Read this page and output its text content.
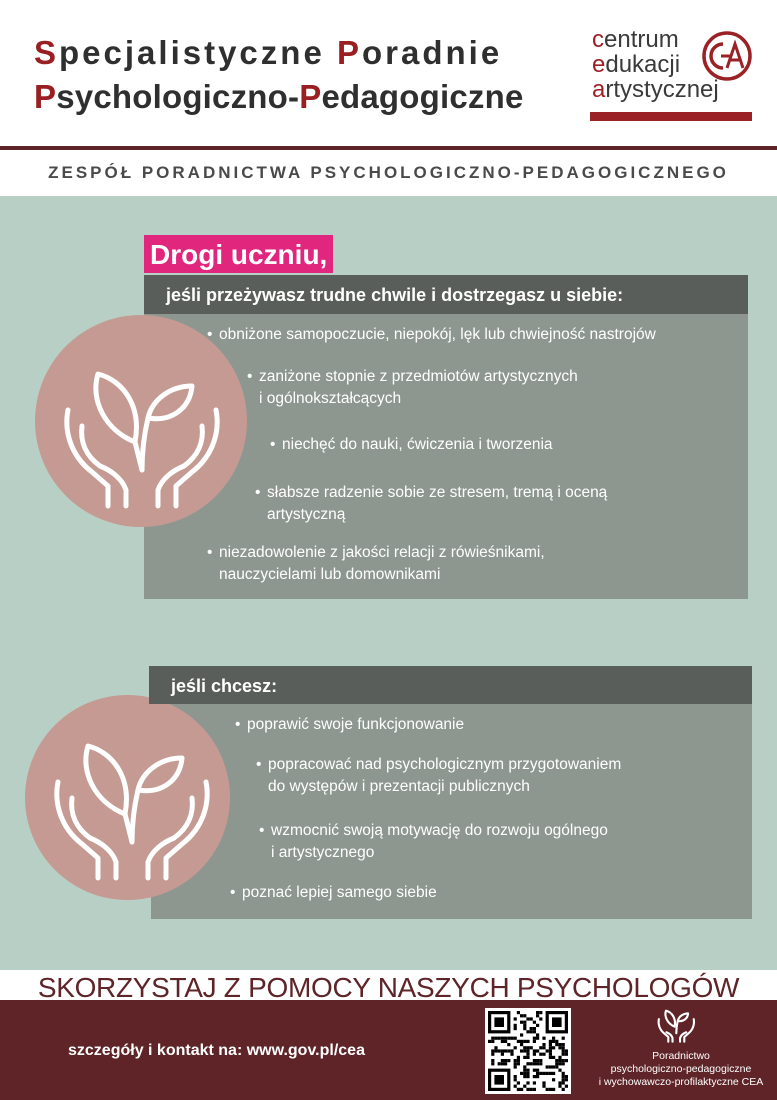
Specjalistyczne Poradnie
Psychologiczno-Pedagogiczne
centrum
edukacji
artystycznej
ZESPÓŁ PORADNICTWA PSYCHOLOGICZNO-PEDAGOGICZNEGO
Drogi uczniu,
jeśli przeżywasz trudne chwile i dostrzegasz u siebie:
• obniżone samopoczucie, niepokój, lęk lub chwiejność nastrojów
• zaniżone stopnie z przedmiotów artystycznych
i ogólnokształcących
• niechęć do nauki, ćwiczenia i tworzenia
• słabsze radzenie sobie ze stresem, tremą i oceną
artystyczną
• niezadowolenie z jakości relacji z rówieśnikami,
nauczycielami lub domownikami
jeśli chcesz:
• poprawić swoje funkcjonowanie
• popracować nad psychologicznym przygotowaniem
do występów i prezentacji publicznych
• wzmocnić swoją motywację do rozwoju ogólnego
i artystycznego
• poznać lepiej samego siebie
SKORZYSTAJ Z POMOCY NASZYCH PSYCHOLOGÓW
szczegóły i kontakt na: www.gov.pl/cea	Poradnictwo
psychologiczno-pedagogiczne
i wychowawczo-profilaktyczne CEA
